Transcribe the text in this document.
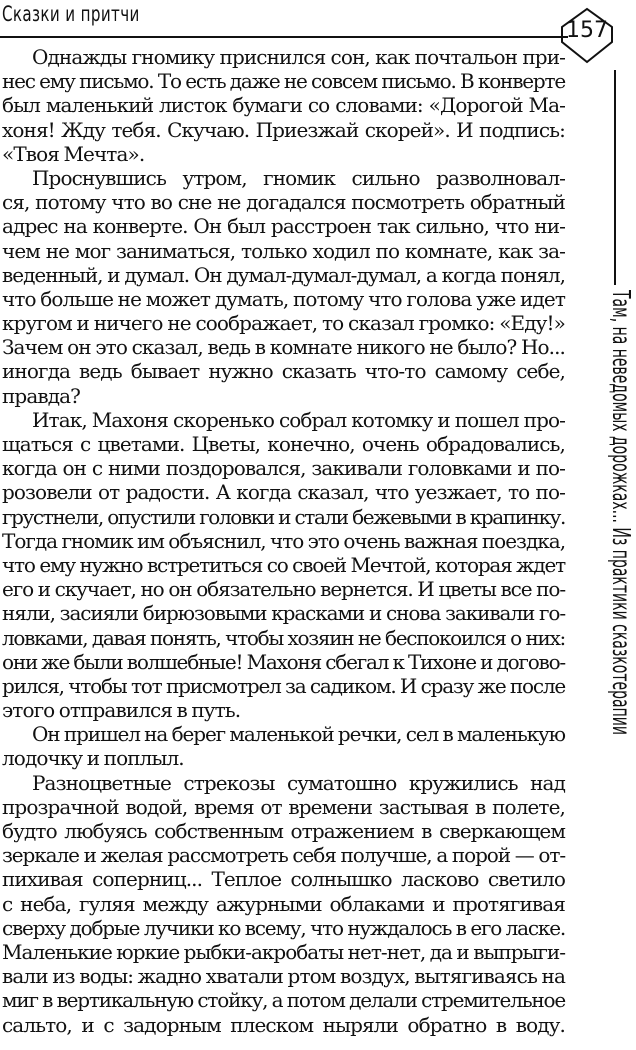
Сказки и притчи
157
Там, на неведомых дорожках... Из практики сказкотерапии
Однажды гномику приснился сон, как почтальон при-
нес ему письмо. То есть даже не совсем письмо. В конверте
был маленький листок бумаги со словами: «Дорогой Ма-
хоня! Жду тебя. Скучаю. Приезжай скорей». И подпись:
«Твоя Мечта».
Проснувшись утром, гномик сильно разволновал-
ся, потому что во сне не догадался посмотреть обратный
адрес на конверте. Он был расстроен так сильно, что ни-
чем не мог заниматься, только ходил по комнате, как за-
веденный, и думал. Он думал-думал-думал, а когда понял,
что больше не может думать, потому что голова уже идет
кругом и ничего не соображает, то сказал громко: «Еду!»
Зачем он это сказал, ведь в комнате никого не было? Но...
иногда ведь бывает нужно сказать что-то самому себе,
правда?
Итак, Махоня скоренько собрал котомку и пошел про-
щаться с цветами. Цветы, конечно, очень обрадовались,
когда он с ними поздоровался, закивали головками и по-
розовели от радости. А когда сказал, что уезжает, то по-
грустнели, опустили головки и стали бежевыми в крапинку.
Тогда гномик им объяснил, что это очень важная поездка,
что ему нужно встретиться со своей Мечтой, которая ждет
его и скучает, но он обязательно вернется. И цветы все по-
няли, засияли бирюзовыми красками и снова закивали го-
ловками, давая понять, чтобы хозяин не беспокоился о них:
они же были волшебные! Махоня сбегал к Тихоне и догово-
рился, чтобы тот присмотрел за садиком. И сразу же после
этого отправился в путь.
Он пришел на берег маленькой речки, сел в маленькую
лодочку и поплыл.
Разноцветные стрекозы суматошно кружились над
прозрачной водой, время от времени застывая в полете,
будто любуясь собственным отражением в сверкающем
зеркале и желая рассмотреть себя получше, а порой — от-
пихивая соперниц... Теплое солнышко ласково светило
с неба, гуляя между ажурными облаками и протягивая
сверху добрые лучики ко всему, что нуждалось в его ласке.
Маленькие юркие рыбки-акробаты нет-нет, да и выпрыги-
вали из воды: жадно хватали ртом воздух, вытягиваясь на
миг в вертикальную стойку, а потом делали стремительное
сальто, и с задорным плеском ныряли обратно в воду.
